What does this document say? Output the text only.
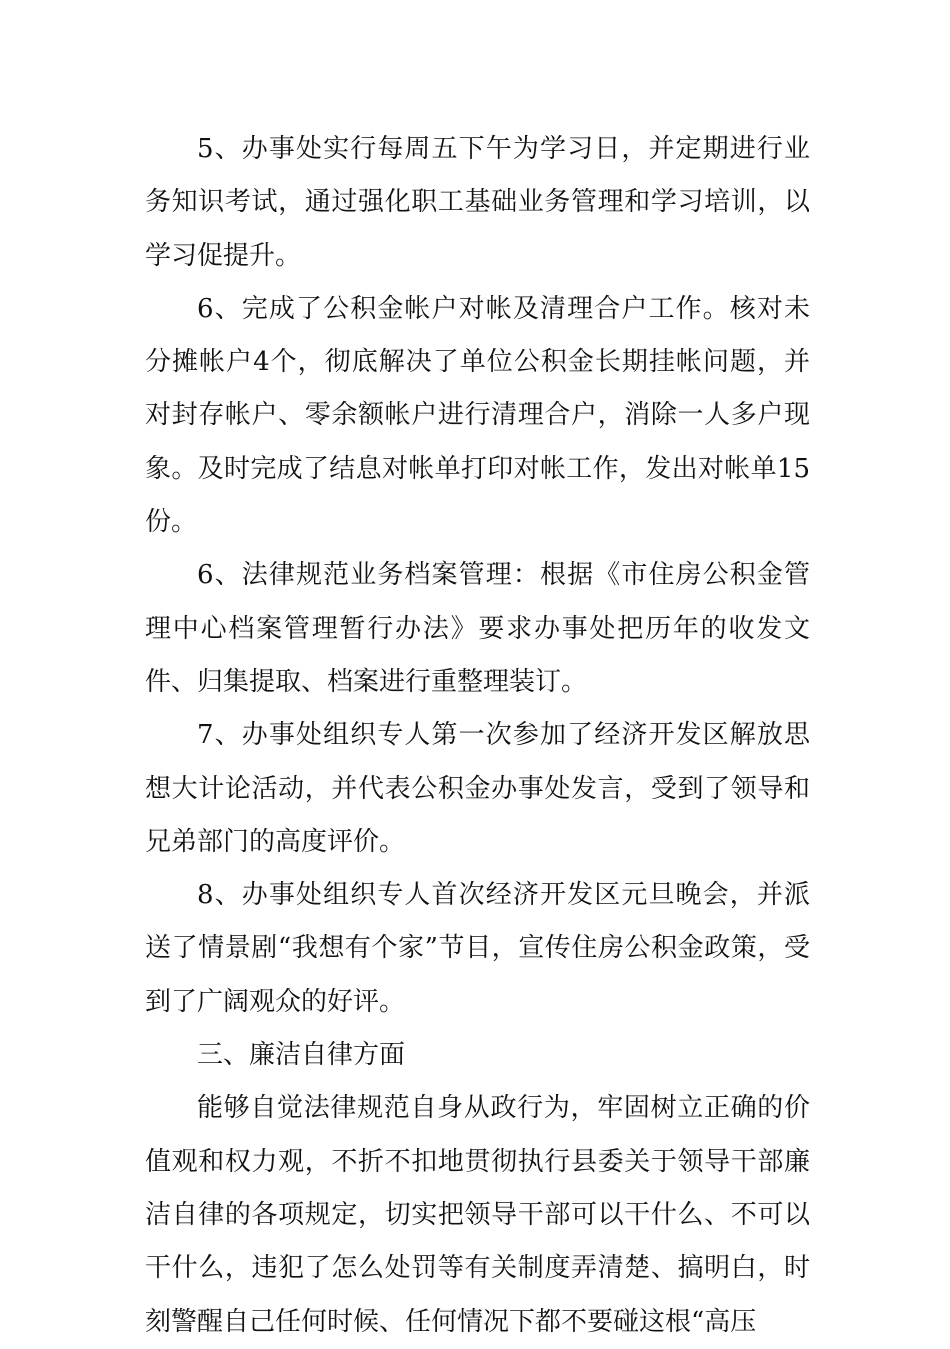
5、办事处实行每周五下午为学习日，并定期进行业务知识考试，通过强化职工基础业务管理和学习培训，以学习促提升。

6、完成了公积金帐户对帐及清理合户工作。核对未分摊帐户4个，彻底解决了单位公积金长期挂帐问题，并对封存帐户、零余额帐户进行清理合户，消除一人多户现象。及时完成了结息对帐单打印对帐工作，发出对帐单15份。

6、法律规范业务档案管理：根据《市住房公积金管理中心档案管理暂行办法》要求办事处把历年的收发文件、归集提取、档案进行重整理装订。

7、办事处组织专人第一次参加了经济开发区解放思想大计论活动，并代表公积金办事处发言，受到了领导和兄弟部门的高度评价。

8、办事处组织专人首次经济开发区元旦晚会，并派送了情景剧“我想有个家”节目，宣传住房公积金政策，受到了广阔观众的好评。

三、廉洁自律方面

能够自觉法律规范自身从政行为，牢固树立正确的价值观和权力观，不折不扣地贯彻执行县委关于领导干部廉洁自律的各项规定，切实把领导干部可以干什么、不可以干什么，违犯了怎么处罚等有关制度弄清楚、搞明白，时刻警醒自己任何时候、任何情况下都不要碰这根“高压
